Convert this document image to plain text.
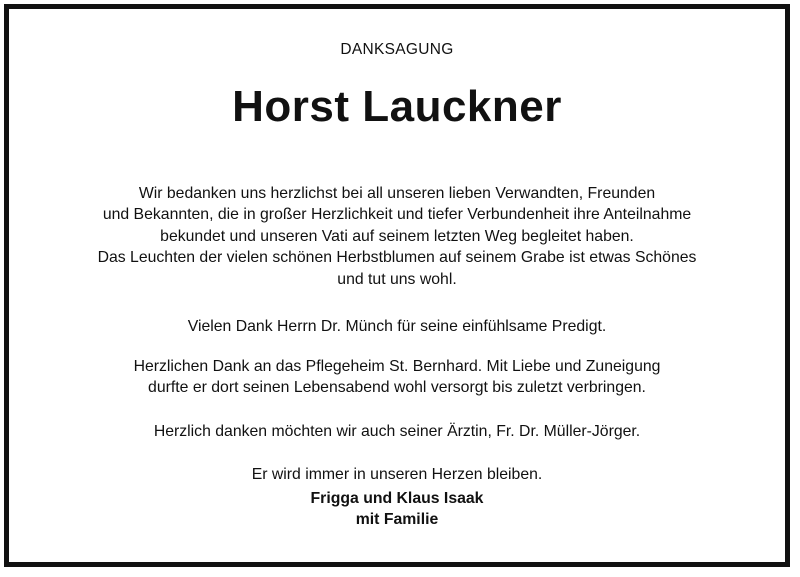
DANKSAGUNG
Horst Lauckner
Wir bedanken uns herzlichst bei all unseren lieben Verwandten, Freunden
und Bekannten, die in großer Herzlichkeit und tiefer Verbundenheit ihre Anteilnahme
bekundet und unseren Vati auf seinem letzten Weg begleitet haben.
Das Leuchten der vielen schönen Herbstblumen auf seinem Grabe ist etwas Schönes
und tut uns wohl.
Vielen Dank Herrn Dr. Münch für seine einfühlsame Predigt.
Herzlichen Dank an das Pflegeheim St. Bernhard. Mit Liebe und Zuneigung
durfte er dort seinen Lebensabend wohl versorgt bis zuletzt verbringen.
Herzlich danken möchten wir auch seiner Ärztin, Fr. Dr. Müller-Jörger.
Er wird immer in unseren Herzen bleiben.
Frigga und Klaus Isaak
mit Familie
